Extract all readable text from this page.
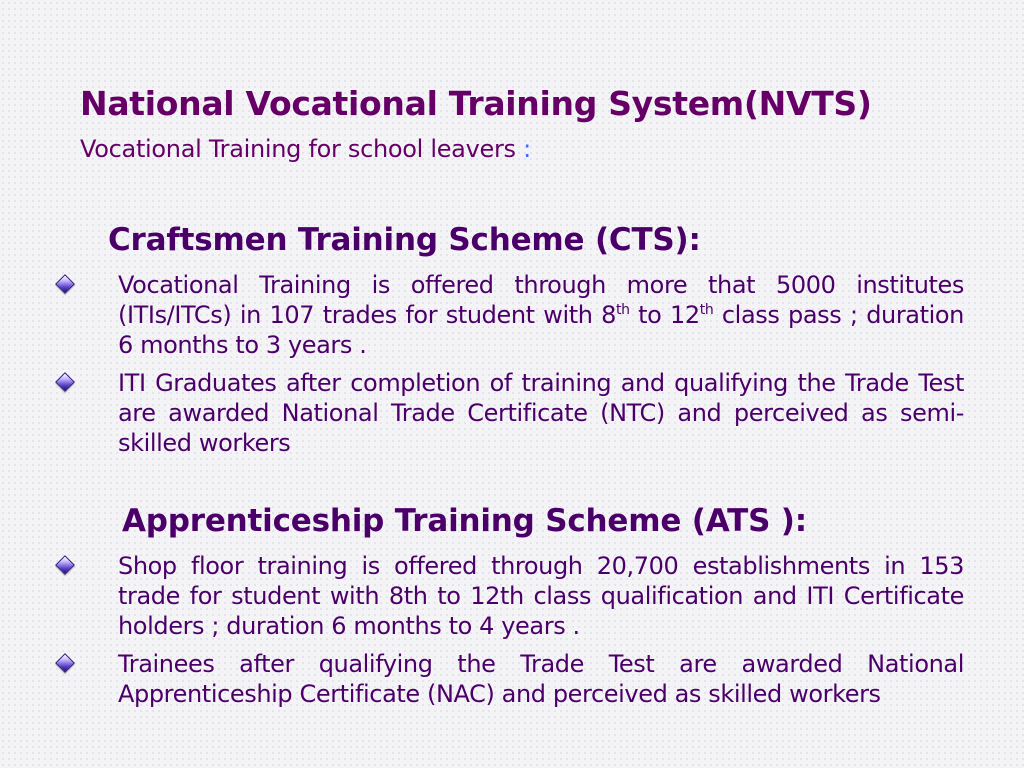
National Vocational Training System(NVTS)
Vocational Training for school leavers :
Craftsmen Training Scheme (CTS):
Vocational Training is offered through more that 5000 institutes (ITIs/ITCs) in 107 trades for student with 8th to 12th class pass ; duration 6 months to 3 years .
ITI Graduates after completion of training and qualifying the Trade Test are awarded National Trade Certificate (NTC) and perceived as semi-skilled workers
Apprenticeship Training Scheme (ATS ):
Shop floor training is offered through 20,700 establishments in 153 trade for student with 8th to 12th class qualification and ITI Certificate holders ; duration 6 months to 4 years .
Trainees after qualifying the Trade Test are awarded National Apprenticeship Certificate (NAC) and perceived as skilled workers
